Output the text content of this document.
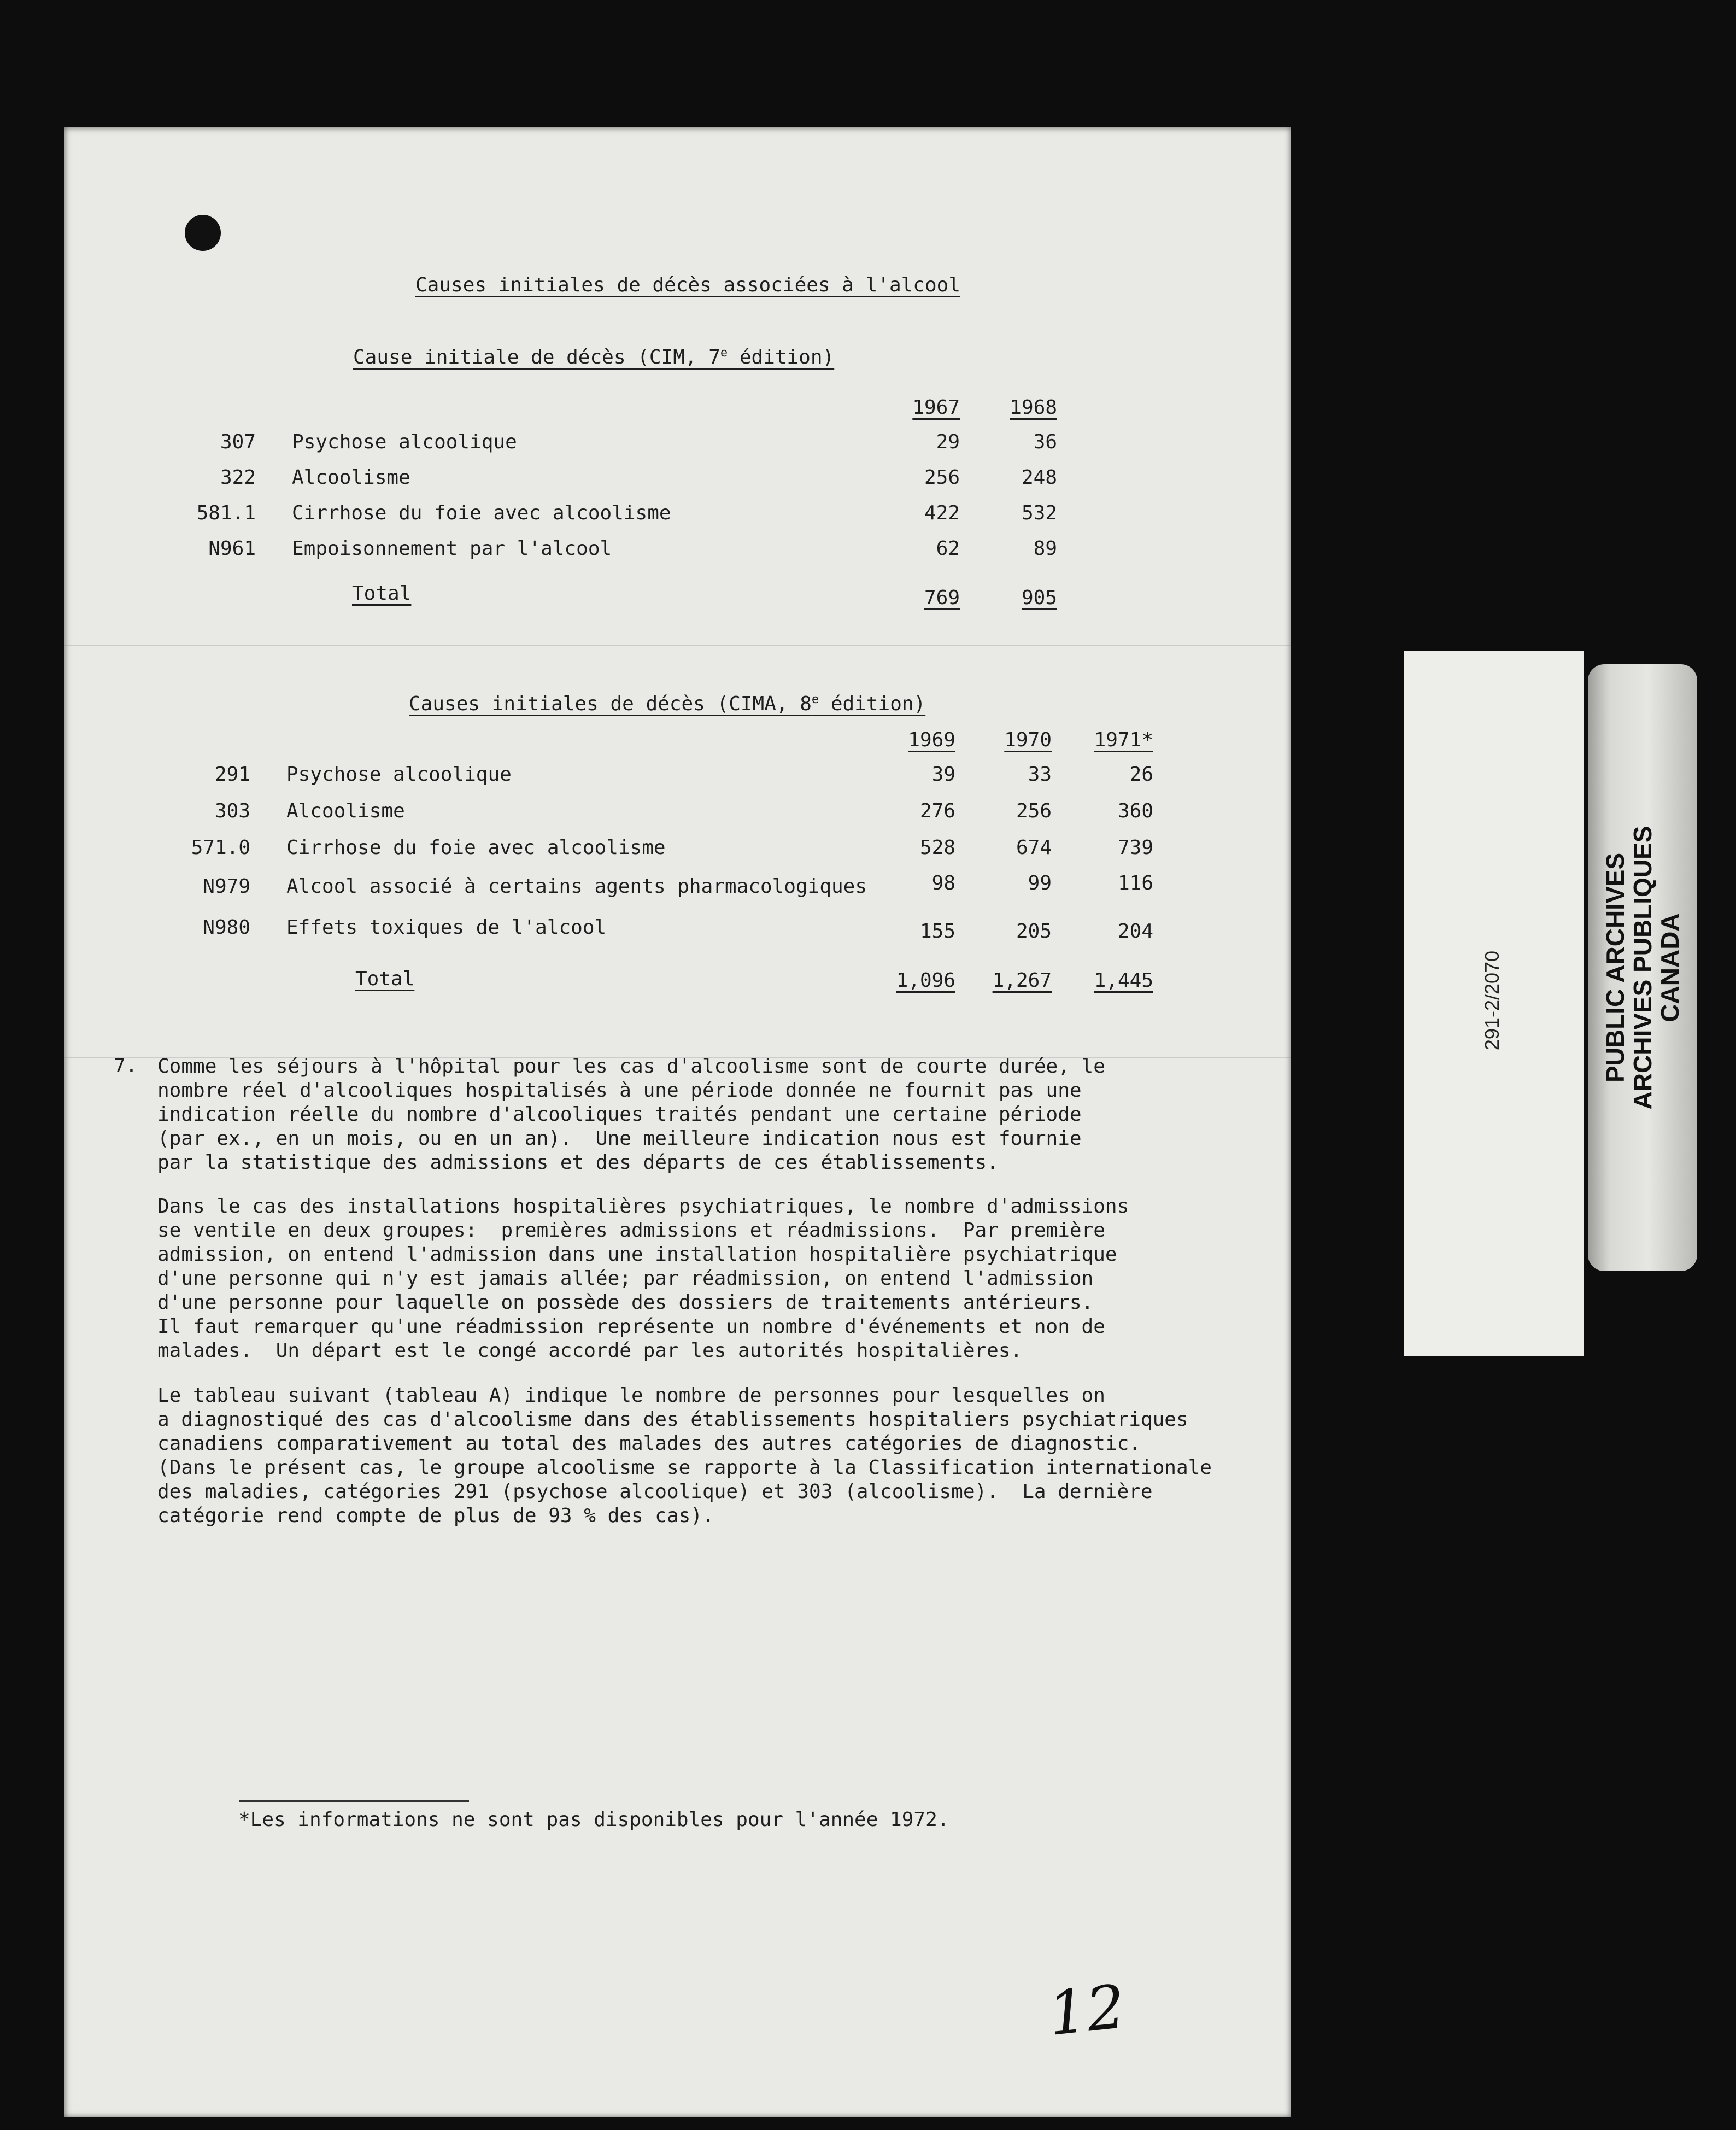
Causes initiales de décès associées à l'alcool
Cause initiale de décès (CIM, 7e édition)
1967	1968
307 Psychose alcoolique	29	36
322 Alcoolisme	256	248
581.1 Cirrhose du foie avec alcoolisme	422	532
N961 Empoisonnement par l'alcool	62	89
Total	769	905
Causes initiales de décès (CIMA, 8e édition)
1969	1970	1971*
291 Psychose alcoolique	39	33	26
303 Alcoolisme	276	256	360
571.0 Cirrhose du foie avec alcoolisme	528	674	739
N979 Alcool associé à certains agents pharmacologiques	98	99	116
N980 Effets toxiques de l'alcool	155	205	204
Total	1,096	1,267	1,445
7. Comme les séjours à l'hôpital pour les cas d'alcoolisme sont de courte durée, le
nombre réel d'alcooliques hospitalisés à une période donnée ne fournit pas une
indication réelle du nombre d'alcooliques traités pendant une certaine période
(par ex., en un mois, ou en un an).  Une meilleure indication nous est fournie
par la statistique des admissions et des départs de ces établissements.
Dans le cas des installations hospitalières psychiatriques, le nombre d'admissions
se ventile en deux groupes:  premières admissions et réadmissions.  Par première
admission, on entend l'admission dans une installation hospitalière psychiatrique
d'une personne qui n'y est jamais allée; par réadmission, on entend l'admission
d'une personne pour laquelle on possède des dossiers de traitements antérieurs.
Il faut remarquer qu'une réadmission représente un nombre d'événements et non de
malades.  Un départ est le congé accordé par les autorités hospitalières.
Le tableau suivant (tableau A) indique le nombre de personnes pour lesquelles on
a diagnostiqué des cas d'alcoolisme dans des établissements hospitaliers psychiatriques
canadiens comparativement au total des malades des autres catégories de diagnostic.
(Dans le présent cas, le groupe alcoolisme se rapporte à la Classification internationale
des maladies, catégories 291 (psychose alcoolique) et 303 (alcoolisme).  La dernière
catégorie rend compte de plus de 93 % des cas).
*Les informations ne sont pas disponibles pour l'année 1972.
12
291-2/2070	PUBLIC ARCHIVES
ARCHIVES PUBLIQUES
CANADA
